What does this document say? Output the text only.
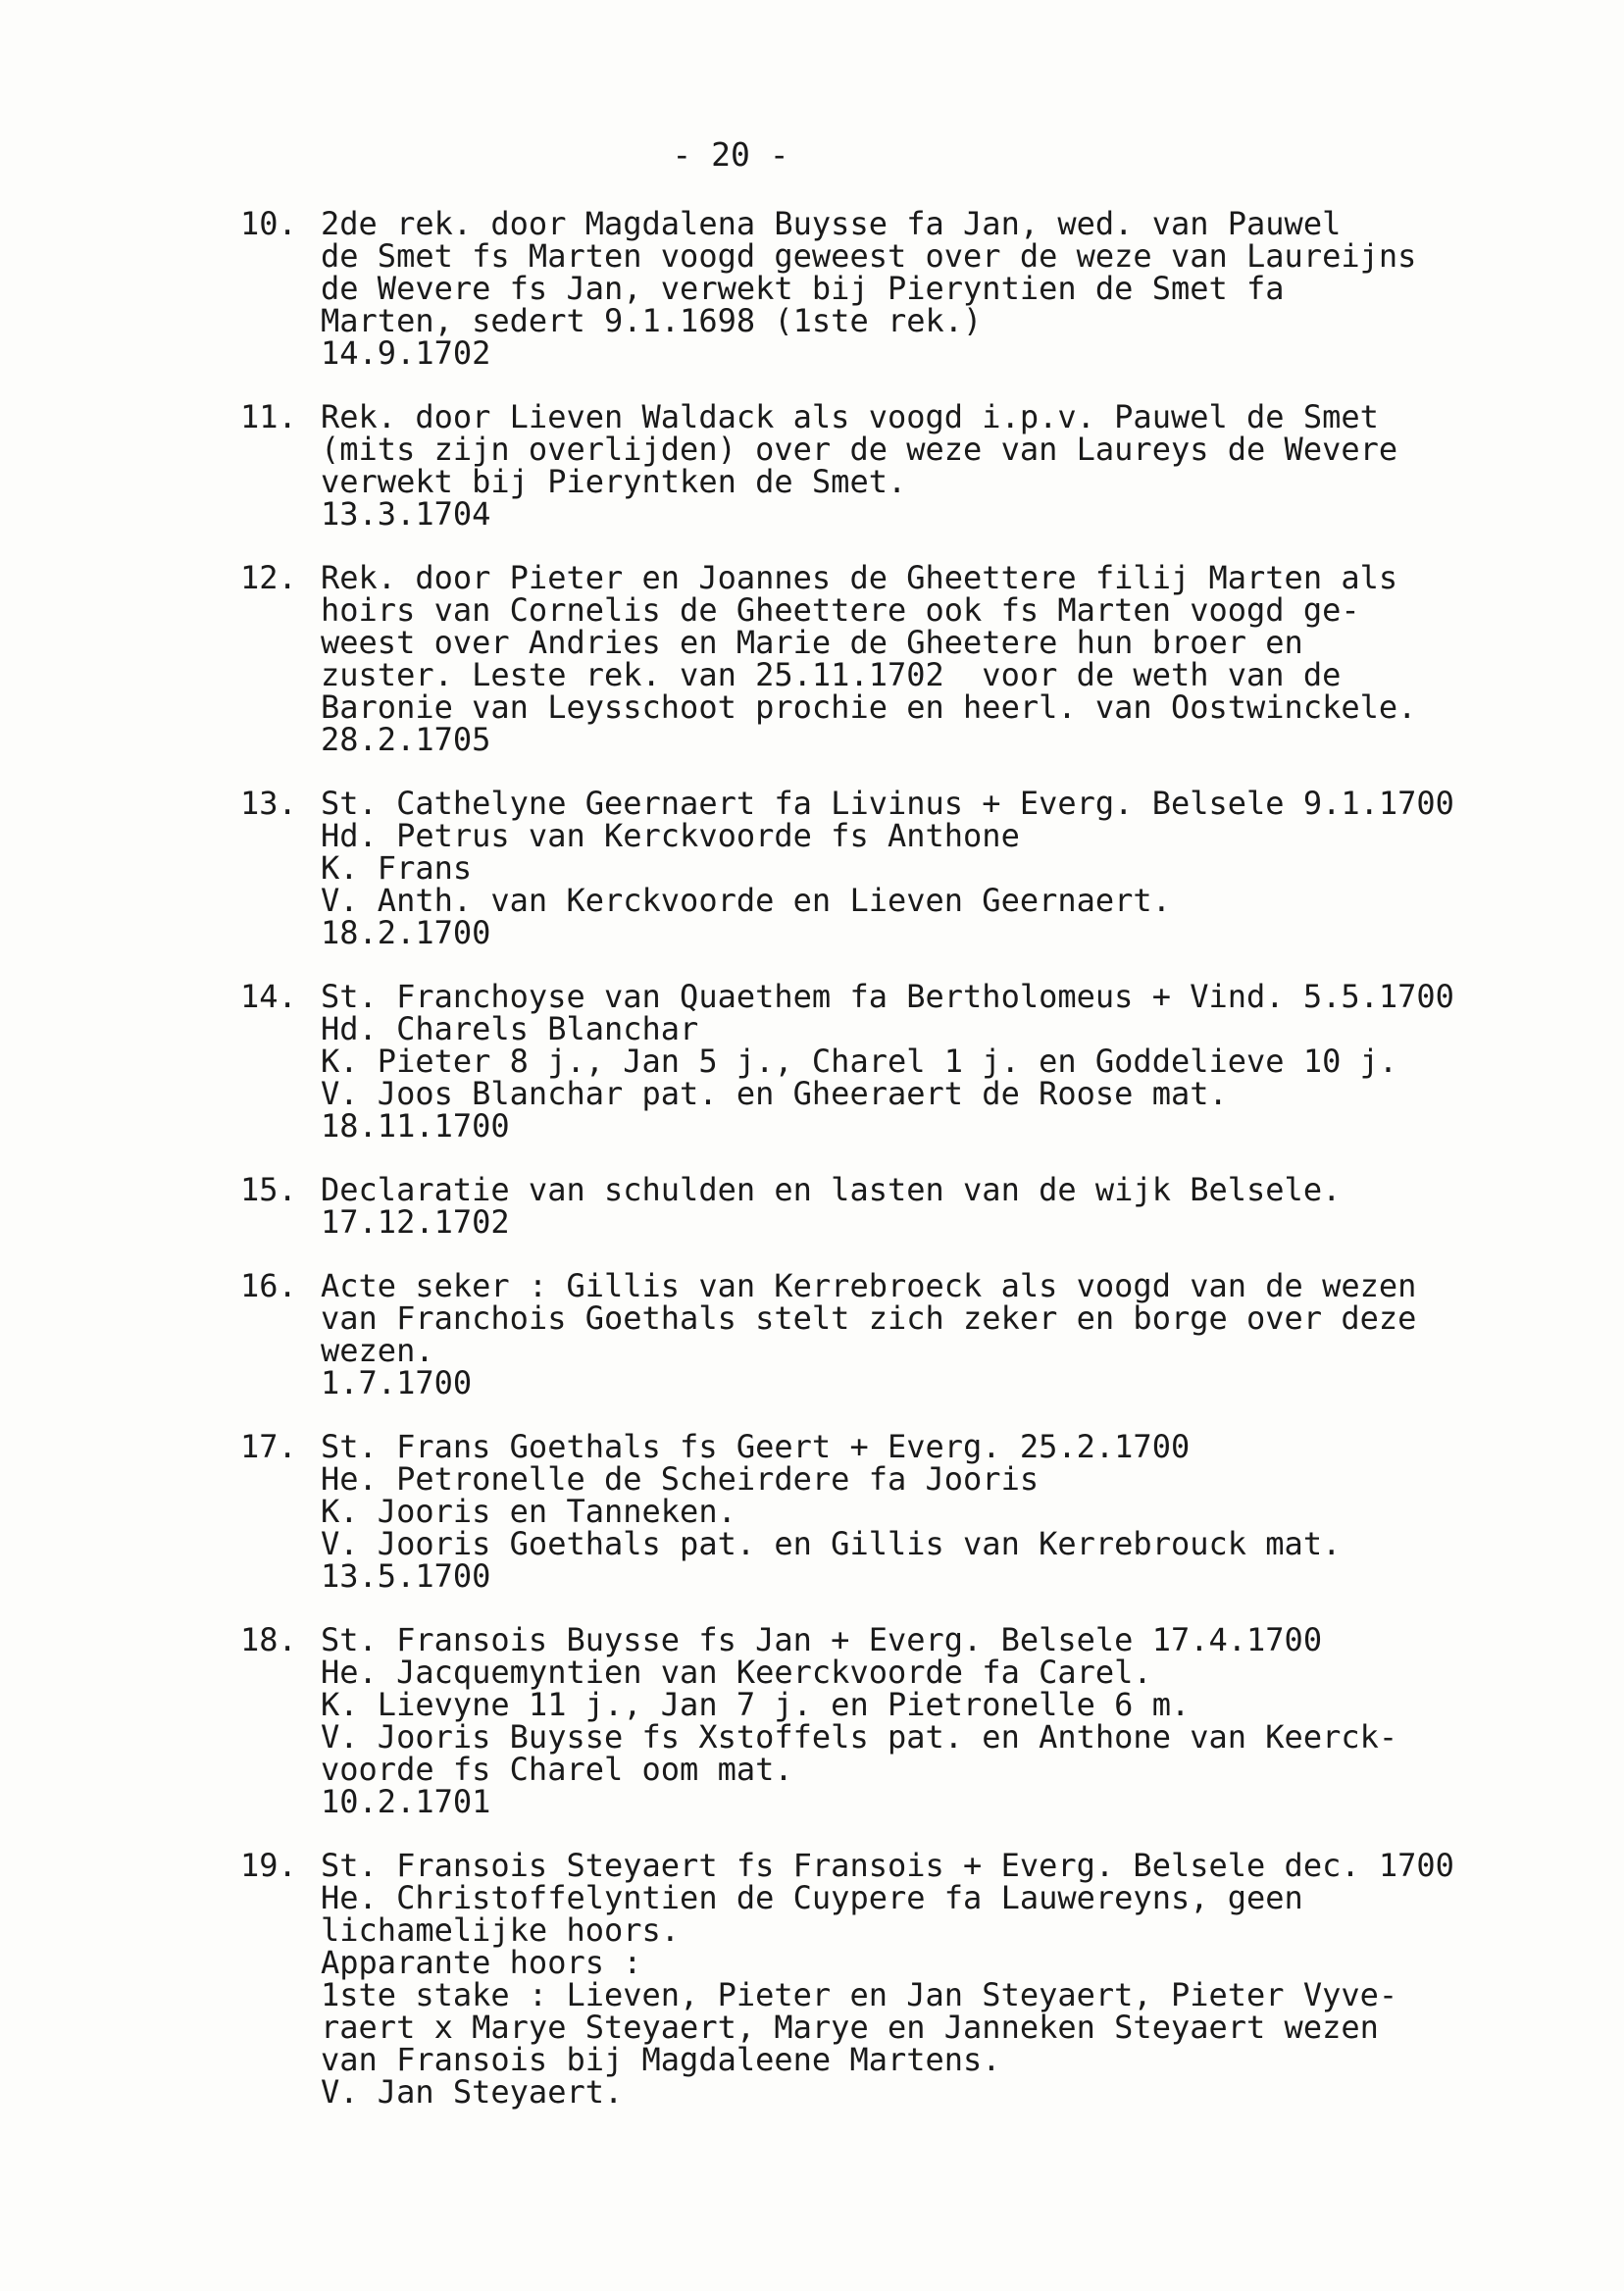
- 20 -
10. 2de rek. door Magdalena Buysse fa Jan, wed. van Pauwel
de Smet fs Marten voogd geweest over de weze van Laureijns
de Wevere fs Jan, verwekt bij Pieryntien de Smet fa
Marten, sedert 9.1.1698 (1ste rek.)
14.9.1702
11. Rek. door Lieven Waldack als voogd i.p.v. Pauwel de Smet
(mits zijn overlijden) over de weze van Laureys de Wevere
verwekt bij Pieryntken de Smet.
13.3.1704
12. Rek. door Pieter en Joannes de Gheettere filij Marten als
hoirs van Cornelis de Gheettere ook fs Marten voogd ge-
weest over Andries en Marie de Gheetere hun broer en
zuster. Leste rek. van 25.11.1702  voor de weth van de
Baronie van Leysschoot prochie en heerl. van Oostwinckele.
28.2.1705
13. St. Cathelyne Geernaert fa Livinus + Everg. Belsele 9.1.1700
Hd. Petrus van Kerckvoorde fs Anthone
K. Frans
V. Anth. van Kerckvoorde en Lieven Geernaert.
18.2.1700
14. St. Franchoyse van Quaethem fa Bertholomeus + Vind. 5.5.1700
Hd. Charels Blanchar
K. Pieter 8 j., Jan 5 j., Charel 1 j. en Goddelieve 10 j.
V. Joos Blanchar pat. en Gheeraert de Roose mat.
18.11.1700
15. Declaratie van schulden en lasten van de wijk Belsele.
17.12.1702
16. Acte seker : Gillis van Kerrebroeck als voogd van de wezen
van Franchois Goethals stelt zich zeker en borge over deze
wezen.
1.7.1700
17. St. Frans Goethals fs Geert + Everg. 25.2.1700
He. Petronelle de Scheirdere fa Jooris
K. Jooris en Tanneken.
V. Jooris Goethals pat. en Gillis van Kerrebrouck mat.
13.5.1700
18. St. Fransois Buysse fs Jan + Everg. Belsele 17.4.1700
He. Jacquemyntien van Keerckvoorde fa Carel.
K. Lievyne 11 j., Jan 7 j. en Pietronelle 6 m.
V. Jooris Buysse fs Xstoffels pat. en Anthone van Keerck-
voorde fs Charel oom mat.
10.2.1701
19. St. Fransois Steyaert fs Fransois + Everg. Belsele dec. 1700
He. Christoffelyntien de Cuypere fa Lauwereyns, geen
lichamelijke hoors.
Apparante hoors :
1ste stake : Lieven, Pieter en Jan Steyaert, Pieter Vyve-
raert x Marye Steyaert, Marye en Janneken Steyaert wezen
van Fransois bij Magdaleene Martens.
V. Jan Steyaert.
